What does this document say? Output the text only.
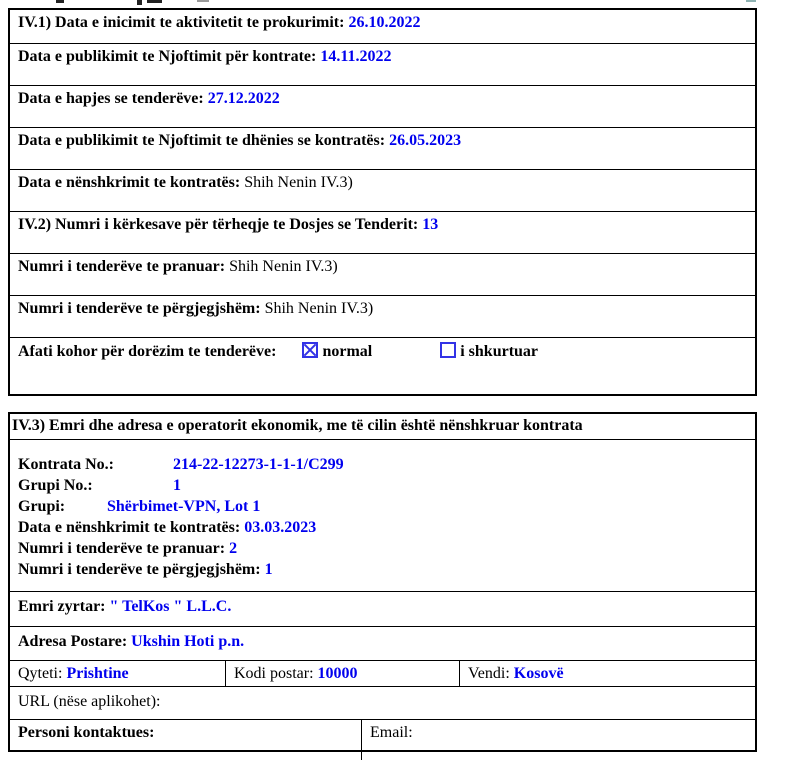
IV.1) Data e inicimit te aktivitetit te prokurimit: 26.10.2022
Data e publikimit te Njoftimit për kontrate: 14.11.2022
Data e hapjes se tenderëve: 27.12.2022
Data e publikimit te Njoftimit te dhënies se kontratës: 26.05.2023
Data e nënshkrimit te kontratës: Shih Nenin IV.3)
IV.2) Numri i kërkesave për tërheqje te Dosjes se Tenderit: 13
Numri i tenderëve te pranuar: Shih Nenin IV.3)
Numri i tenderëve te përgjegjshëm: Shih Nenin IV.3)
Afati kohor për dorëzim te tenderëve:	normal	i shkurtuar
IV.3) Emri dhe adresa e operatorit ekonomik, me të cilin është nënshkruar kontrata
Kontrata No.:	214-22-12273-1-1-1/C299
Grupi No.:	1
Grupi:	Shërbimet-VPN, Lot 1
Data e nënshkrimit te kontratës: 03.03.2023
Numri i tenderëve te pranuar: 2
Numri i tenderëve te përgjegjshëm: 1
Emri zyrtar: " TelKos " L.L.C.
Adresa Postare: Ukshin Hoti p.n.
Qyteti: Prishtine	Kodi postar: 10000	Vendi: Kosovë
URL (nëse aplikohet):
Personi kontaktues:	Email:
